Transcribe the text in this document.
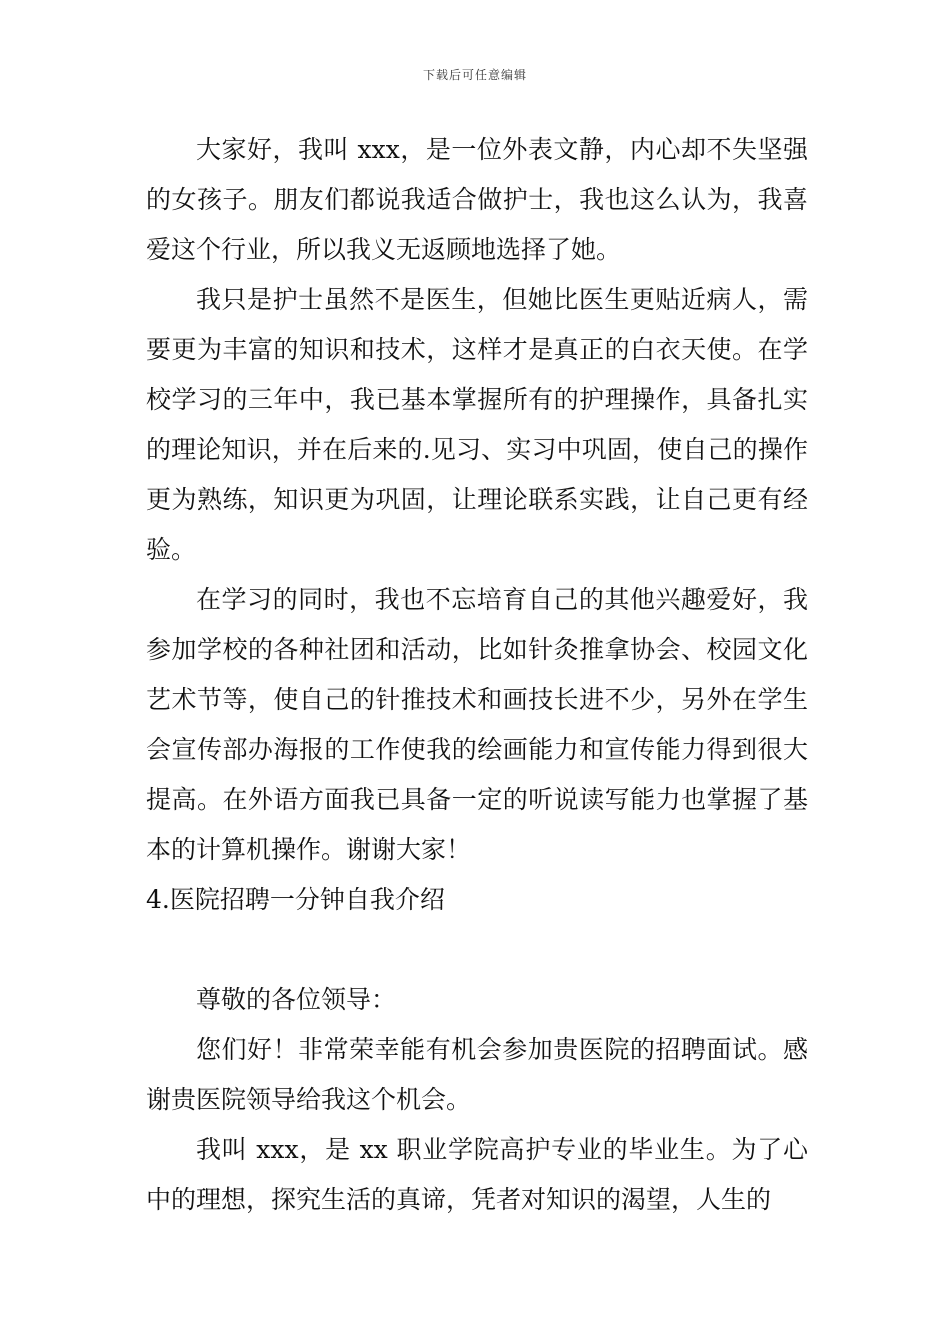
下载后可任意编辑

大家好，我叫 xxx，是一位外表文静，内心却不失坚强的女孩子。朋友们都说我适合做护士，我也这么认为，我喜爱这个行业，所以我义无返顾地选择了她。

我只是护士虽然不是医生，但她比医生更贴近病人，需要更为丰富的知识和技术，这样才是真正的白衣天使。在学校学习的三年中，我已基本掌握所有的护理操作，具备扎实的理论知识，并在后来的.见习、实习中巩固，使自己的操作更为熟练，知识更为巩固，让理论联系实践，让自己更有经验。

在学习的同时，我也不忘培育自己的其他兴趣爱好，我参加学校的各种社团和活动，比如针灸推拿协会、校园文化艺术节等，使自己的针推技术和画技长进不少，另外在学生会宣传部办海报的工作使我的绘画能力和宣传能力得到很大提高。在外语方面我已具备一定的听说读写能力也掌握了基本的计算机操作。谢谢大家！

4.医院招聘一分钟自我介绍

尊敬的各位领导：

您们好！非常荣幸能有机会参加贵医院的招聘面试。感谢贵医院领导给我这个机会。

我叫 xxx，是 xx 职业学院高护专业的毕业生。为了心中的理想，探究生活的真谛，凭者对知识的渴望，人生的
